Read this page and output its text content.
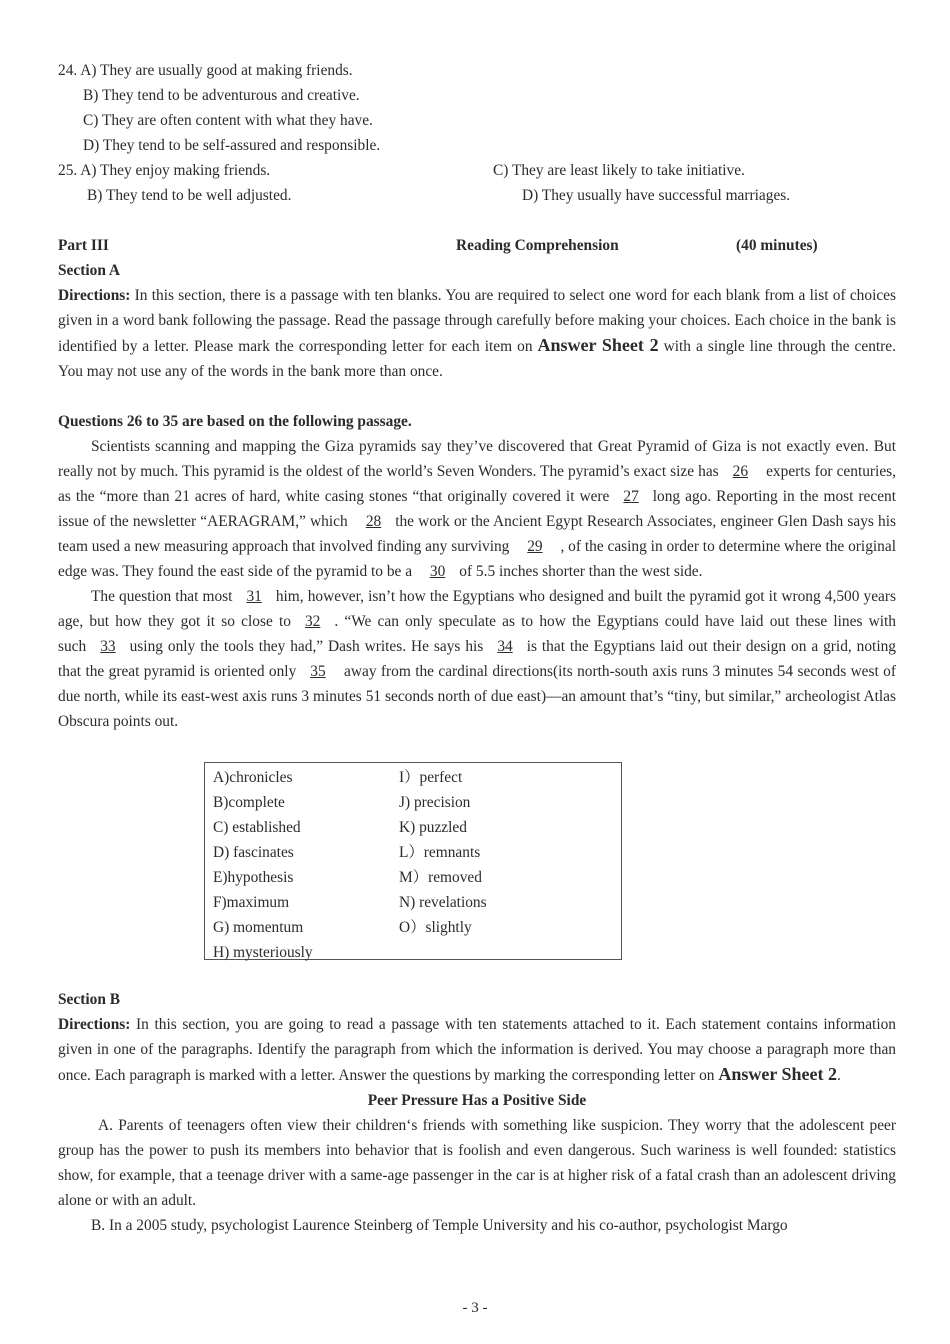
24. A) They are usually good at making friends.
B) They tend to be adventurous and creative.
C) They are often content with what they have.
D) They tend to be self-assured and responsible.
25. A) They enjoy making friends.	C) They are least likely to take initiative.
B) They tend to be well adjusted.	D) They usually have successful marriages.
Part III	Reading Comprehension	(40 minutes)
Section A
Directions: In this section, there is a passage with ten blanks. You are required to select one word for each blank from a list of choices given in a word bank following the passage. Read the passage through carefully before making your choices. Each choice in the bank is identified by a letter. Please mark the corresponding letter for each item on Answer Sheet 2 with a single line through the centre. You may not use any of the words in the bank more than once.
Questions 26 to 35 are based on the following passage.
Scientists scanning and mapping the Giza pyramids say they’ve discovered that Great Pyramid of Giza is not exactly even. But really not by much. This pyramid is the oldest of the world’s Seven Wonders. The pyramid’s exact size has 26 experts for centuries, as the “more than 21 acres of hard, white casing stones “that originally covered it were 27 long ago. Reporting in the most recent issue of the newsletter “AERAGRAM,” which 28 the work or the Ancient Egypt Research Associates, engineer Glen Dash says his team used a new measuring approach that involved finding any surviving 29 , of the casing in order to determine where the original edge was. They found the east side of the pyramid to be a 30 of 5.5 inches shorter than the west side.
The question that most 31 him, however, isn’t how the Egyptians who designed and built the pyramid got it wrong 4,500 years age, but how they got it so close to 32 . “We can only speculate as to how the Egyptians could have laid out these lines with such 33 using only the tools they had,” Dash writes. He says his 34 is that the Egyptians laid out their design on a grid, noting that the great pyramid is oriented only 35 away from the cardinal directions(its north-south axis runs 3 minutes 54 seconds west of due north, while its east-west axis runs 3 minutes 51 seconds north of due east)—an amount that’s “tiny, but similar,” archeologist Atlas Obscura points out.
A)chronicles	I）perfect
B)complete	J) precision
C) established	K) puzzled
D) fascinates	L）remnants
E)hypothesis	M）removed
F)maximum	N) revelations
G) momentum	O）slightly
H) mysteriously
Section B
Directions: In this section, you are going to read a passage with ten statements attached to it. Each statement contains information given in one of the paragraphs. Identify the paragraph from which the information is derived. You may choose a paragraph more than once. Each paragraph is marked with a letter. Answer the questions by marking the corresponding letter on Answer Sheet 2.
Peer Pressure Has a Positive Side
A. Parents of teenagers often view their children‘s friends with something like suspicion. They worry that the adolescent peer group has the power to push its members into behavior that is foolish and even dangerous. Such wariness is well founded: statistics show, for example, that a teenage driver with a same-age passenger in the car is at higher risk of a fatal crash than an adolescent driving alone or with an adult.
B. In a 2005 study, psychologist Laurence Steinberg of Temple University and his co-author, psychologist Margo
- 3 -
